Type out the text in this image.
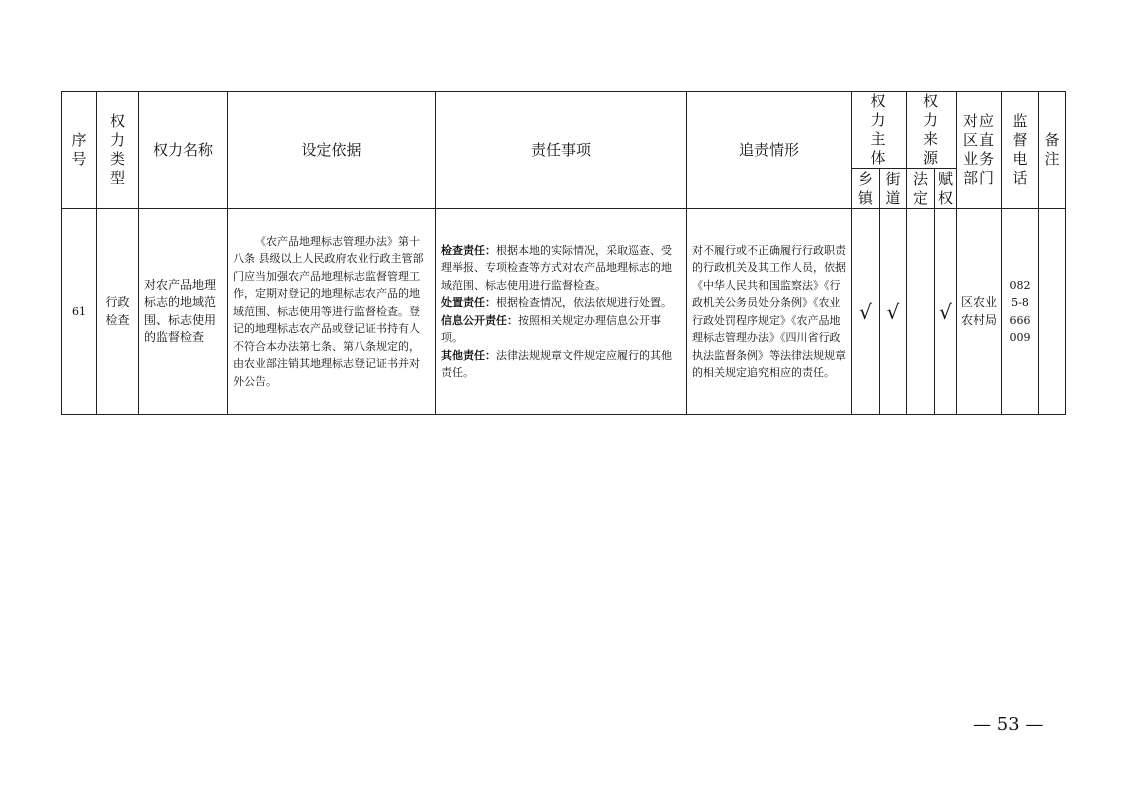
序号	权力类型	权力名称	设定依据	责任事项	追责情形	权力主体		权力来源		对应区直业务部门	监督电话	备注

						乡镇	街道	法定	赋权			

61	行政检查	对农产品地理标志的地域范围、标志使用的监督检查	《农产品地理标志管理办法》第十八条 县级以上人民政府农业行政主管部门应当加强农产品地理标志监督管理工作，定期对登记的地理标志农产品的地域范围、标志使用等进行监督检查。登记的地理标志农产品或登记证书持有人不符合本办法第七条、第八条规定的，由农业部注销其地理标志登记证书并对外公告。	检查责任：根据本地的实际情况，采取巡查、受理举报、专项检查等方式对农产品地理标志的地域范围、标志使用进行监督检查。
处置责任：根据检查情况，依法依规进行处置。
信息公开责任：按照相关规定办理信息公开事项。
其他责任：法律法规规章文件规定应履行的其他责任。	对不履行或不正确履行行政职责的行政机关及其工作人员，依据《中华人民共和国监察法》《行政机关公务员处分条例》《农业行政处罚程序规定》《农产品地理标志管理办法》《四川省行政执法监督条例》等法律法规规章的相关规定追究相应的责任。	√	√		√	区农业农村局	0825-8666009	

— 53 —
